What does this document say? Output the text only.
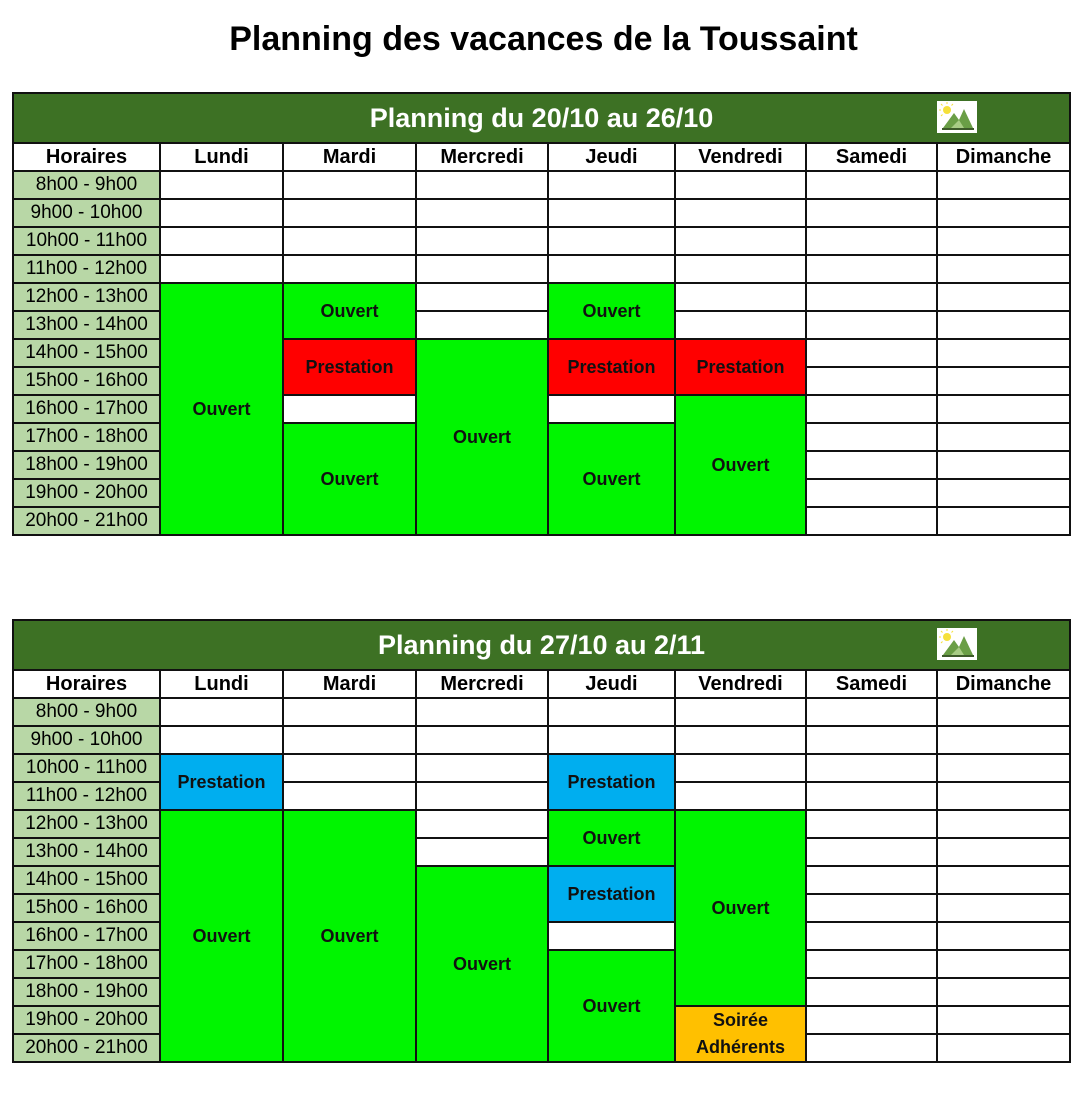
Planning des vacances de la Toussaint
Planning du 20/10 au 26/10							

Horaires	Lundi	Mardi	Mercredi	Jeudi	Vendredi	Samedi	Dimanche
8h00 - 9h00							
9h00 - 10h00							
10h00 - 11h00							
11h00 - 12h00							
12h00 - 13h00	Ouvert	Ouvert		Ouvert			
13h00 - 14h00							
14h00 - 15h00		Prestation	Ouvert	Prestation	Prestation		
15h00 - 16h00							
16h00 - 17h00					Ouvert		
17h00 - 18h00		Ouvert		Ouvert			
18h00 - 19h00							
19h00 - 20h00							
20h00 - 21h00							
Planning du 27/10 au 2/11							

Horaires	Lundi	Mardi	Mercredi	Jeudi	Vendredi	Samedi	Dimanche
8h00 - 9h00							
9h00 - 10h00							
10h00 - 11h00	Prestation			Prestation			
11h00 - 12h00							
12h00 - 13h00	Ouvert	Ouvert		Ouvert	Ouvert		
13h00 - 14h00							
14h00 - 15h00			Ouvert	Prestation			
15h00 - 16h00							
16h00 - 17h00							
17h00 - 18h00				Ouvert			
18h00 - 19h00							
19h00 - 20h00					Soirée Adhérents		
20h00 - 21h00							
